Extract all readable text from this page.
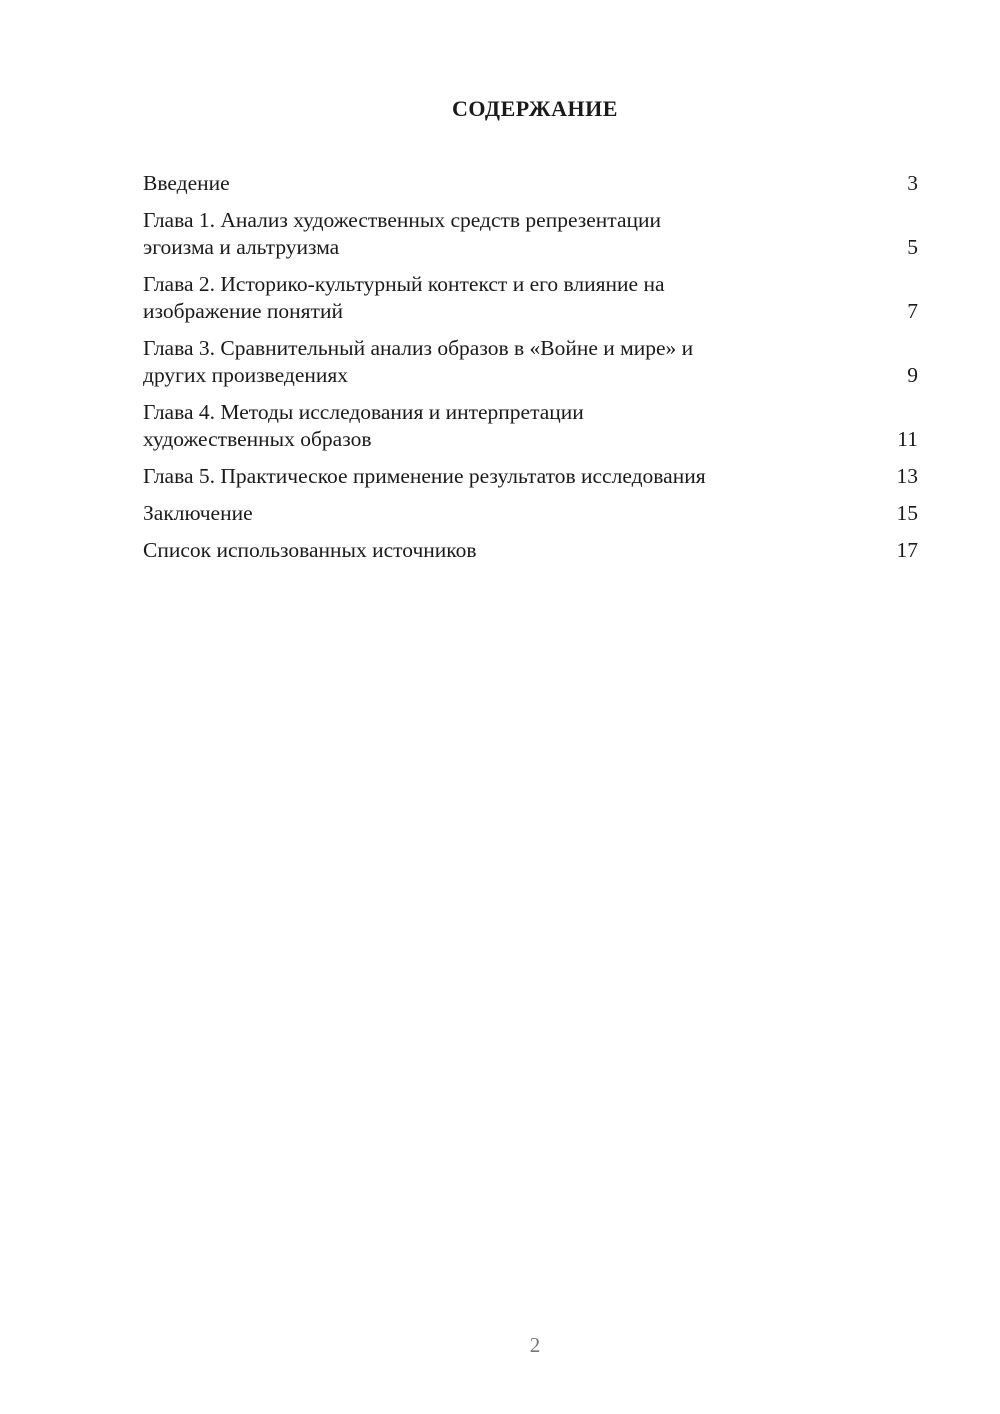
СОДЕРЖАНИЕ
Введение	3
Глава 1. Анализ художественных средств репрезентации
эгоизма и альтруизма	5
Глава 2. Историко-культурный контекст и его влияние на
изображение понятий	7
Глава 3. Сравнительный анализ образов в «Войне и мире» и
других произведениях	9
Глава 4. Методы исследования и интерпретации
художественных образов	11
Глава 5. Практическое применение результатов исследования	13
Заключение	15
Список использованных источников	17
2
